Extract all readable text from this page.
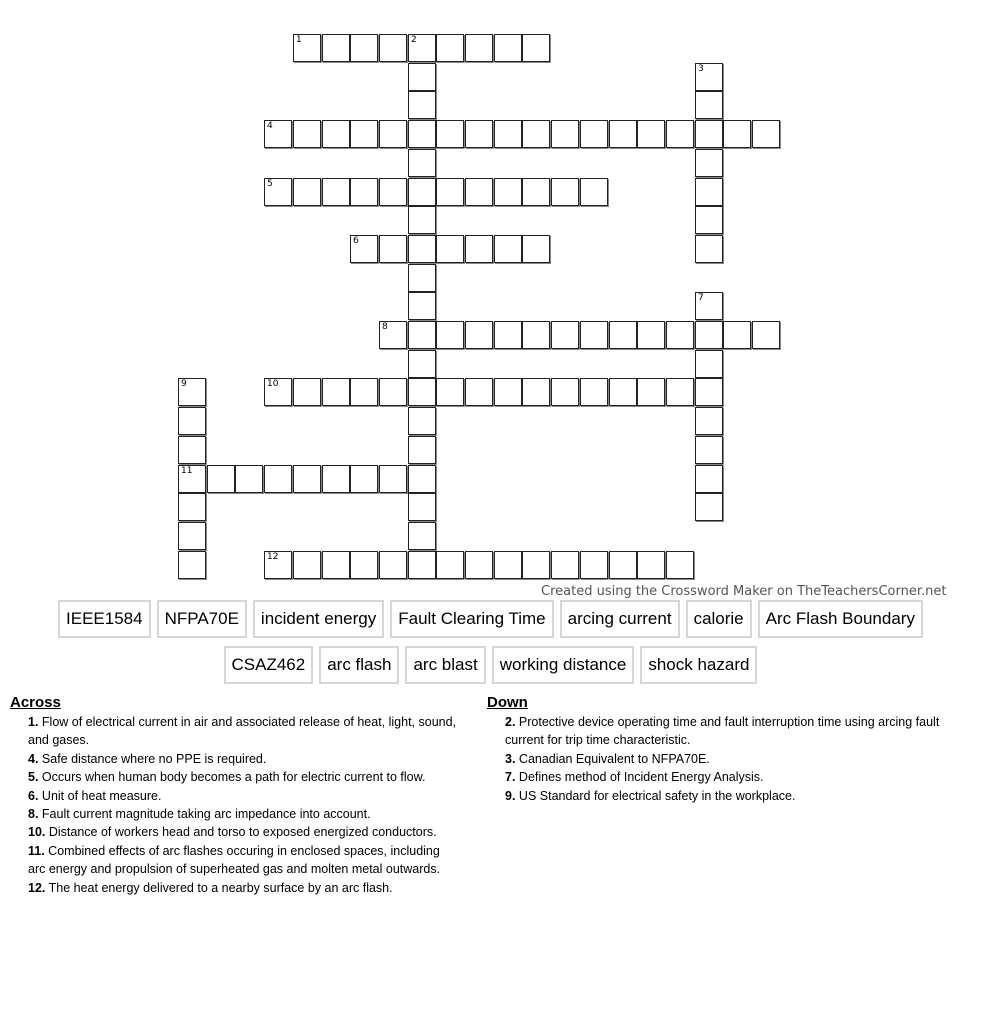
1	2
3
4
5
6
7
8
9
11
10
12
Created using the Crossword Maker on TheTeachersCorner.net
IEEE1584	NFPA70E	incident energy	Fault Clearing Time	arcing current	calorie	Arc Flash Boundary
CSAZ462	arc flash	arc blast	working distance	shock hazard
Across

1. Flow of electrical current in air and associated release of heat, light, sound, and gases.

4. Safe distance where no PPE is required.

5. Occurs when human body becomes a path for electric current to flow.

6. Unit of heat measure.

8. Fault current magnitude taking arc impedance into account.

10. Distance of workers head and torso to exposed energized conductors.

11. Combined effects of arc flashes occuring in enclosed spaces, including arc energy and propulsion of superheated gas and molten metal outwards.

12. The heat energy delivered to a nearby surface by an arc flash.

Down

2. Protective device operating time and fault interruption time using arcing fault current for trip time characteristic.

3. Canadian Equivalent to NFPA70E.

7. Defines method of Incident Energy Analysis.

9. US Standard for electrical safety in the workplace.
